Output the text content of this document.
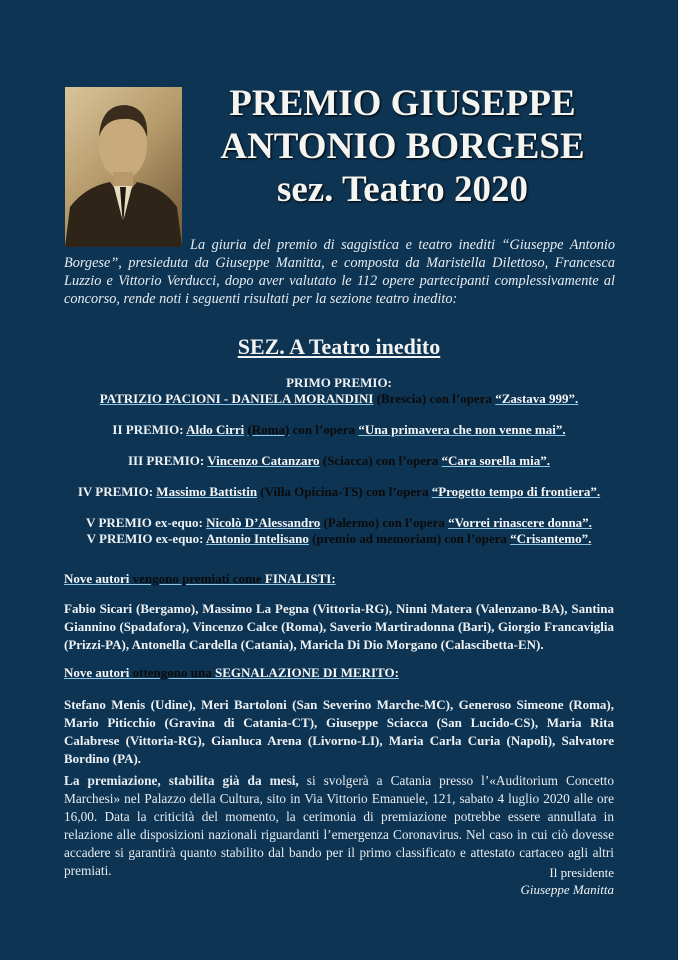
PREMIO GIUSEPPE
ANTONIO BORGESE
sez. Teatro 2020
La giuria del premio di saggistica e teatro inediti “Giuseppe Antonio Borgese”, presieduta da Giuseppe Manitta, e composta da Maristella Dilettoso, Francesca Luzzio e Vittorio Verducci, dopo aver valutato le 112 opere partecipanti complessivamente al concorso, rende noti i seguenti risultati per la sezione teatro inedito:
SEZ. A Teatro inedito
PRIMO PREMIO:
PATRIZIO PACIONI - DANIELA MORANDINI (Brescia) con l’opera “Zastava 999”.
II PREMIO: Aldo Cirri (Roma) con l’opera “Una primavera che non venne mai”.
III PREMIO: Vincenzo Catanzaro (Sciacca) con l’opera “Cara sorella mia”.
IV PREMIO: Massimo Battistin (Villa Opicina-TS) con l’opera “Progetto tempo di frontiera”.
V PREMIO ex-equo: Nicolò D’Alessandro (Palermo) con l’opera “Vorrei rinascere donna”.
V PREMIO ex-equo: Antonio Intelisano (premio ad memoriam) con l’opera “Crisantemo”.
Nove autori vengono premiati come FINALISTI:
Fabio Sicari (Bergamo), Massimo La Pegna (Vittoria-RG), Ninni Matera (Valenzano-BA), Santina Giannino (Spadafora), Vincenzo Calce (Roma), Saverio Martiradonna (Bari), Giorgio Francaviglia (Prizzi-PA), Antonella Cardella (Catania), Maricla Di Dio Morgano (Calascibetta-EN).
Nove autori ottengono una SEGNALAZIONE DI MERITO:
Stefano Menis (Udine), Meri Bartoloni (San Severino Marche-MC), Generoso Simeone (Roma), Mario Piticchio (Gravina di Catania-CT), Giuseppe Sciacca (San Lucido-CS), Maria Rita Calabrese (Vittoria-RG), Gianluca Arena (Livorno-LI), Maria Carla Curia (Napoli), Salvatore Bordino (PA).
La premiazione, stabilita già da mesi, si svolgerà a Catania presso l’«Auditorium Concetto Marchesi» nel Palazzo della Cultura, sito in Via Vittorio Emanuele, 121, sabato 4 luglio 2020 alle ore 16,00. Data la criticità del momento, la cerimonia di premiazione potrebbe essere annullata in relazione alle disposizioni nazionali riguardanti l’emergenza Coronavirus. Nel caso in cui ciò dovesse accadere si garantirà quanto stabilito dal bando per il primo classificato e attestato cartaceo agli altri premiati.	Il presidente
Giuseppe Manitta
